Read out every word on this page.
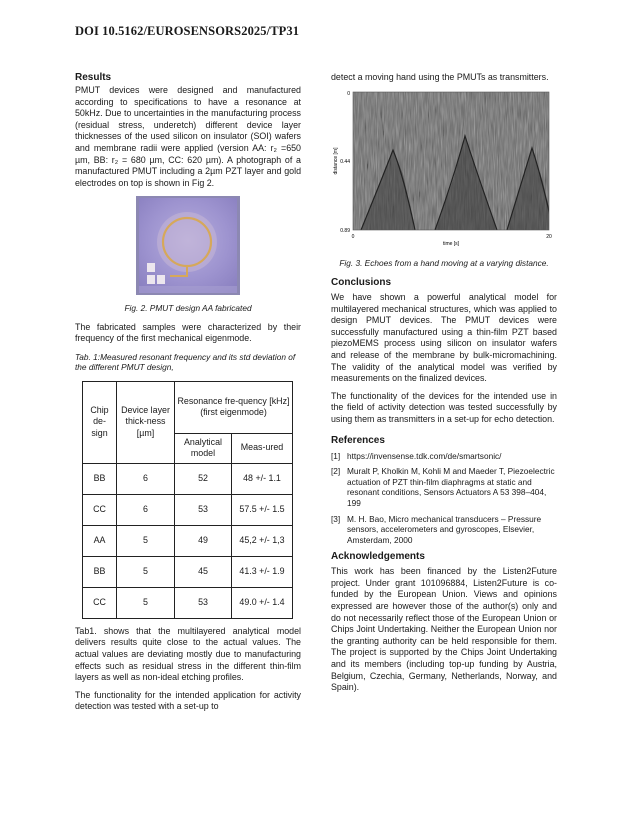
DOI 10.5162/EUROSENSORS2025/TP31
Results

PMUT devices were designed and manufactured according to specifications to have a resonance at 50kHz. Due to uncertainties in the manufacturing process (residual stress, underetch) different device layer thicknesses of the used silicon on insulator (SOI) wafers and membrane radii were applied (version AA: r₂ =650 µm, BB: r₂ = 680 µm, CC: 620 µm). A photograph of a manufactured PMUT including a 2µm PZT layer and gold electrodes on top is shown in Fig 2.

Fig. 2. PMUT design AA fabricated

The fabricated samples were characterized by their frequency of the first mechanical eigenmode.

Tab. 1:Measured resonant frequency and its std deviation of the different PMUT design,

Chip de-sign	Device layer thick-ness [µm]	Resonance fre-quency [kHz] (first eigenmode)	
		Analytical model	Meas-ured
BB	6	52	48 +/- 1.1
CC	6	53	57.5 +/- 1.5
AA	5	49	45,2 +/- 1,3
BB	5	45	41.3 +/- 1.9
CC	5	53	49.0 +/- 1.4

Tab1. shows that the multilayered analytical model delivers results quite close to the actual values. The actual values are deviating mostly due to manufacturing effects such as residual stress in the different thin-film layers as well as non-ideal etching profiles.

The functionality for the intended application for activity detection was tested with a set-up to

detect a moving hand using the PMUTs as transmitters.

0
0.44
0.89
0	20
time [s]
distance [m]

Fig. 3. Echoes from a hand moving at a varying distance.

Conclusions

We have shown a powerful analytical model for multilayered mechanical structures, which was applied to design PMUT devices. The PMUT devices were successfully manufactured using a thin-film PZT based piezoMEMS process using silicon on insulator wafers and release of the membrane by bulk-micromachining. The validity of the analytical model was verified by measurements on the finalized devices.

The functionality of the devices for the intended use in the field of activity detection was tested successfully by using them as transmitters in a set-up for echo detection.

References
[1] https://invensense.tdk.com/de/smartsonic/
[2] Muralt P, Kholkin M, Kohli M and Maeder T, Piezoelectric actuation of PZT thin-film diaphragms at static and resonant conditions, Sensors Actuators A 53 398–404, 199
[3] M. H. Bao, Micro mechanical transducers – Pressure sensors, accelerometers and gyroscopes, Elsevier, Amsterdam, 2000
Acknowledgements

This work has been financed by the Listen2Future project. Under grant 101096884, Listen2Future is co-funded by the European Union. Views and opinions expressed are however those of the author(s) only and do not necessarily reflect those of the European Union or Chips Joint Undertaking. Neither the European Union nor the granting authority can be held responsible for them. The project is supported by the Chips Joint Undertaking and its members (including top-up funding by Austria, Belgium, Czechia, Germany, Netherlands, Norway, and Spain).
